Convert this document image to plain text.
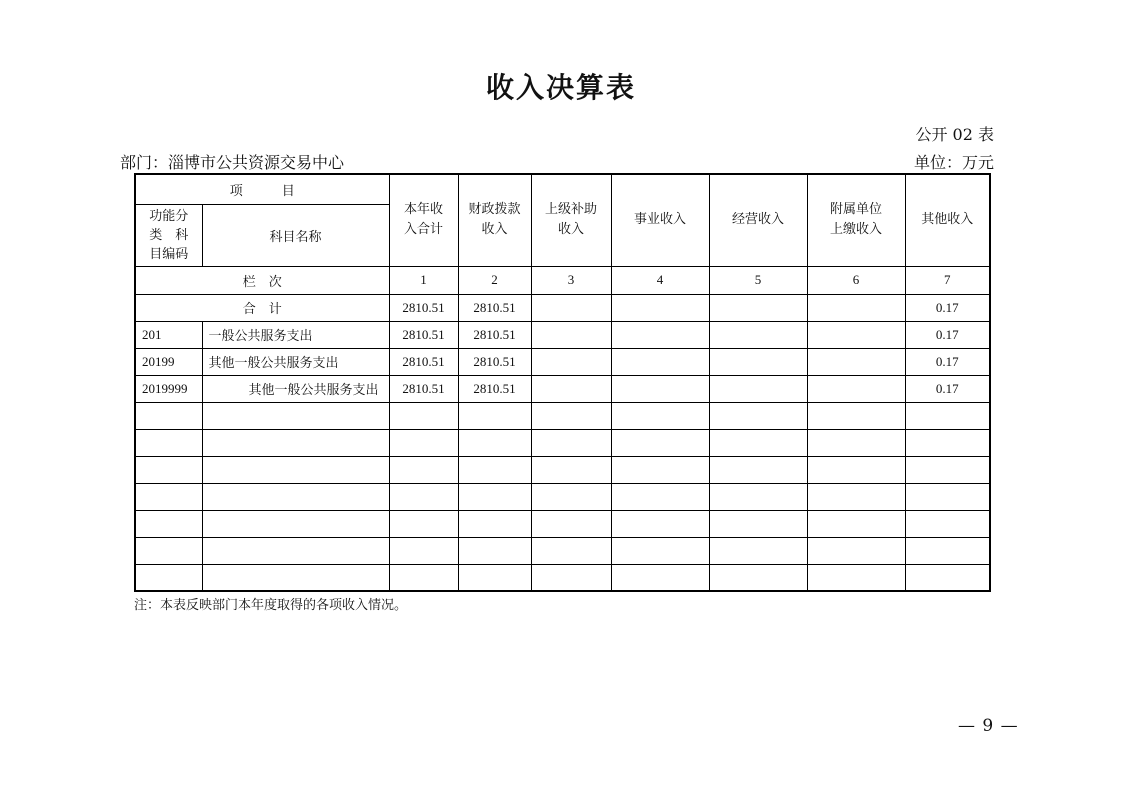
收入决算表
公开 02 表
部门：淄博市公共资源交易中心	单位：万元
项　　　目		本年收入合计	财政拨款收入	上级补助收入	事业收入	经营收入	附属单位上缴收入	其他收入
功能分类　科目编码	科目名称							
栏　次		1	2	3	4	5	6	7
合　计		2810.51	2810.51					0.17
201	一般公共服务支出	2810.51	2810.51					0.17
20199	其他一般公共服务支出	2810.51	2810.51					0.17
2019999	其他一般公共服务支出	2810.51	2810.51					0.17

注：本表反映部门本年度取得的各项收入情况。
— 9 —
